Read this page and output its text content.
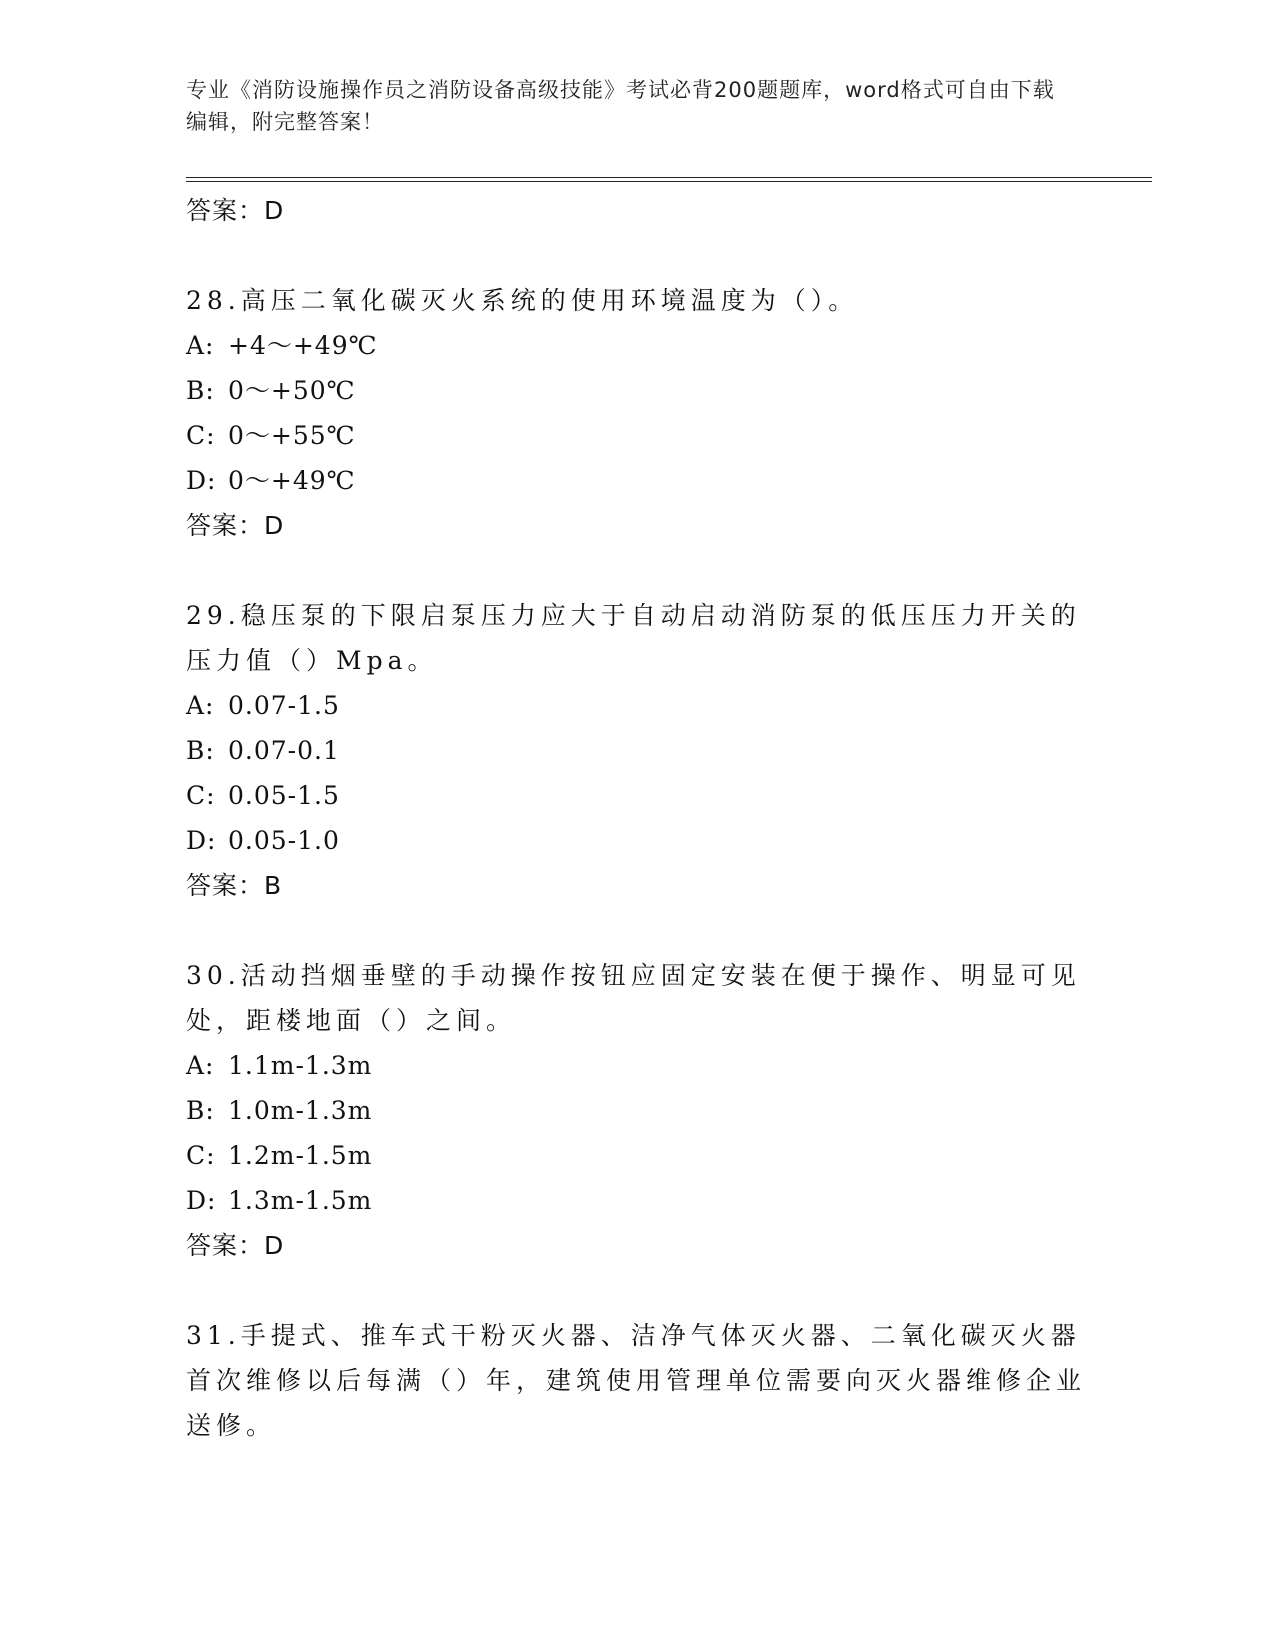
专业《消防设施操作员之消防设备高级技能》考试必背200题题库，word格式可自由下载编辑，附完整答案！
答案：D

28.高压二氧化碳灭火系统的使用环境温度为（）。

A: +4～+49℃
B: 0～+50℃
C: 0～+55℃
D: 0～+49℃
答案：D

29.稳压泵的下限启泵压力应大于自动启动消防泵的低压压力开关的压力值（）Mpa。

A: 0.07-1.5
B: 0.07-0.1
C: 0.05-1.5
D: 0.05-1.0
答案：B

30.活动挡烟垂壁的手动操作按钮应固定安装在便于操作、明显可见处，距楼地面（）之间。

A: 1.1m-1.3m
B: 1.0m-1.3m
C: 1.2m-1.5m
D: 1.3m-1.5m
答案：D

31.手提式、推车式干粉灭火器、洁净气体灭火器、二氧化碳灭火器首次维修以后每满（）年，建筑使用管理单位需要向灭火器维修企业送修。
